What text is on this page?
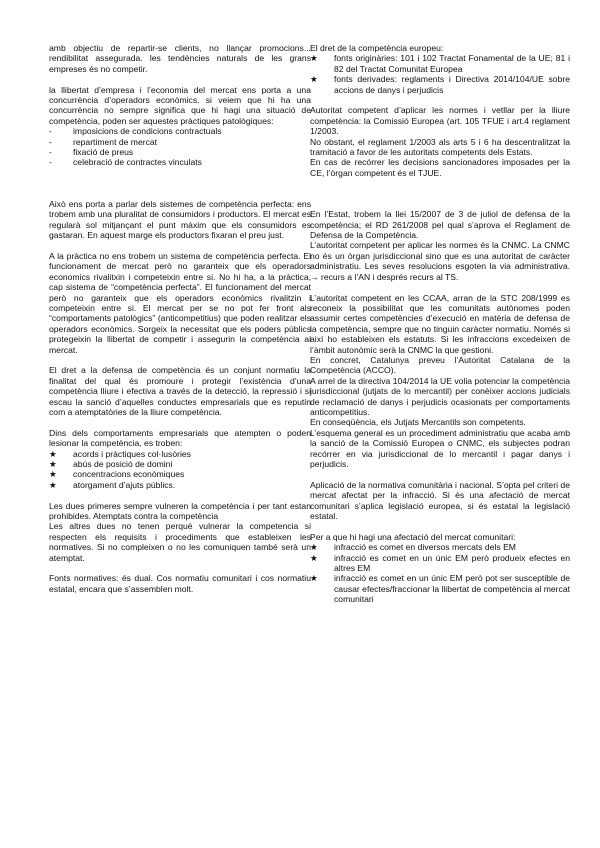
amb objectiu de repartir-se clients, no llançar promocions... rendibilitat assegurada. les tendències naturals de les grans empreses és no competir.

la llibertat d’empresa i l’economia del mercat ens porta a una concurrència d’operadors econòmics. si veiem que hi ha una concurrència no sempre significa que hi hagi una situació de competència, poden ser aquestes pràctiques patològiques:

-	imposicions de condicions contractuals
-	repartiment de mercat
-	fixació de preus
-	celebració de contractes vinculats

Això ens porta a parlar dels sistemes de competència perfecta: ens trobem amb una pluralitat de consumidors i productors. El mercat es regularà sol mitjançant el punt màxim que els consumidors es gastaran. En aquest marge els productors fixaran el preu just.

A la pràctica no ens trobem un sistema de competència perfecta. El funcionament de mercat però no garanteix que els operadors economics rivalitxin i competeixin entre si. No hi ha, a la pràctica, cap sistema de “competència perfecta”. El funcionament del mercat però no garanteix que els operadors econòmics rivalitzin i competeixin entre si. El mercat per se no pot fer front als “comportaments patològics” (anticompetitius) que poden realitzar els operadors econòmics. Sorgeix la necessitat que els poders públics protegeixin la llibertat de competir i assegurin la competència al mercat.

El dret a la defensa de competència és un conjunt normatiu la finalitat del qual és promoure i protegir l’existència d’una competència lliure i efectiva a través de la detecció, la repressió i si escau la sanció d’aquelles conductes empresarials que es reputin com a atemptatòries de la lliure competència.

Dins dels comportaments empresarials que atempten o poden lesionar la competència, es troben:

★	acords i pràctiques col·lusòries
★	abús de posició de domini
★	concentracions econòmiques
★	atorgament d’ajuts públics.

Les dues primeres sempre vulneren la competència i per tant estan prohibides. Atemptats contra la competència

Les altres dues no tenen perquè vulnerar la competencia si respecten els requisits i procediments que estableixen les normatives. Si no compleixen o no les comuniquen també serà un atemptat.

Fonts normatives: és dual. Cos normatiu comunitari i cos normatiu estatal, encara que s’assemblen molt.

El dret de la competència europeu:

★	fonts originàries: 101 i 102 Tractat Fonamental de la UE; 81 i 82 del Tractat Comunitat Europea
★	fonts derivades: reglaments i Directiva 2014/104/UE sobre accions de danys i perjudicis

Autoritat competent d’aplicar les normes i vetllar per la lliure competència: la Comissió Europea (art. 105 TFUE i art.4 reglament 1/2003.

No obstant, el reglament 1/2003 als arts 5 i 6 ha descentralitzat la tramitació a favor de les autoritats competents dels Estats.

En cas de recórrer les decisions sancionadores imposades per la CE, l’òrgan competent és el TJUE.

En l’Estat, trobem la llei 15/2007 de 3 de juliol de defensa de la competència; el RD 261/2008 pel qual s’aprova el Reglament de Defensa de la Competència.

L’autoritat competent per aplicar les normes és la CNMC. La CNMC no és un òrgan jurisdiccional sino que es una autoritat de caràcter administratiu. Les seves resolucions esgoten la via administrativa. → recurs a l’AN i després recurs al TS.

L’autoritat competent en les CCAA, arran de la STC 208/1999 es reconeix la possibilitat que les comunitats autònomes poden assumir certes competències d’execució en matèria de defensa de la competència, sempre que no tinguin caràcter normatiu. Només si així ho estableixen els estatuts. Si les infraccions excedeixen de l’àmbit autonòmic serà la CNMC la que gestioni.

En concret, Catalunya preveu l’Autoritat Catalana de la Competència (ACCO).

A arrel de la directiva 104/2014 la UE volia potenciar la competència jurisdiccional (jutjats de lo mercantil) per conèixer accions judicials de reclamació de danys i perjudicis ocasionats per comportaments anticompetitius.

En conseqüència, els Jutjats Mercantils son competents.

L’esquema general es un procediment administratiu que acaba amb la sanció de la Comissió Europea o CNMC, els subjectes podran recórrer en via jurisdiccional de lo mercantil i pagar danys i perjudicis.

Aplicació de la normativa comunitària i nacional. S’opta pel criteri de mercat afectat per la infracció. Si és una afectació de mercat comunitari s’aplica legislació europea, si és estatal la legislació estatal.

Per a que hi hagi una afectació del mercat comunitari:

★	infracció es comet en diversos mercats dels EM
★	infracció es comet en un únic EM però produeix efectes en altres EM
★	infracció es comet en un únic EM però pot ser susceptible de causar efectes/fraccionar la llibertat de competència al mercat comunitari
